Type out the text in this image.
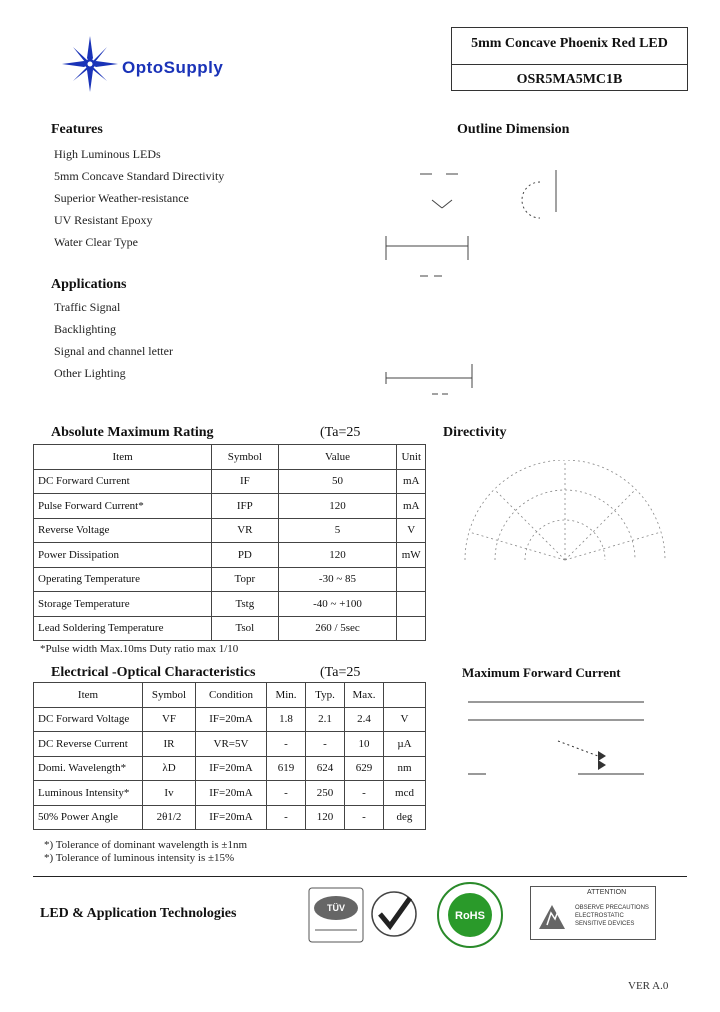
OptoSupply
5mm Concave Phoenix Red LED
OSR5MA5MC1B
Features
High Luminous LEDs
5mm Concave Standard Directivity
Superior Weather-resistance
UV Resistant Epoxy
Water Clear Type
Applications
Traffic Signal
Backlighting
Signal and channel letter
Other Lighting
Outline Dimension
Absolute Maximum Rating	(Ta=25
Item	Symbol	Value	Unit
DC Forward Current	IF	50	mA
Pulse Forward Current*	IFP	120	mA
Reverse Voltage	VR	5	V
Power Dissipation	PD	120	mW
Operating Temperature	Topr	-30 ~ 85	
Storage Temperature	Tstg	-40 ~ +100	
Lead Soldering Temperature	Tsol	260 / 5sec	
*Pulse width Max.10ms Duty ratio max 1/10
Directivity
Electrical -Optical Characteristics	(Ta=25
Item	Symbol	Condition	Min.	Typ.	Max.	
DC Forward Voltage	VF	IF=20mA	1.8	2.1	2.4	V
DC Reverse Current	IR	VR=5V	-	-	10	µA
Domi. Wavelength*	λD	IF=20mA	619	624	629	nm
Luminous Intensity*	Iv	IF=20mA	-	250	-	mcd
50% Power Angle	2θ1/2	IF=20mA	-	120	-	deg
*) Tolerance of dominant wavelength is ±1nm
*) Tolerance of luminous intensity is ±15%
Maximum Forward Current
LED & Application Technologies	TÜV
RoHS
ATTENTION
OBSERVE PRECAUTIONS
ELECTROSTATIC
SENSITIVE DEVICES
VER A.0
